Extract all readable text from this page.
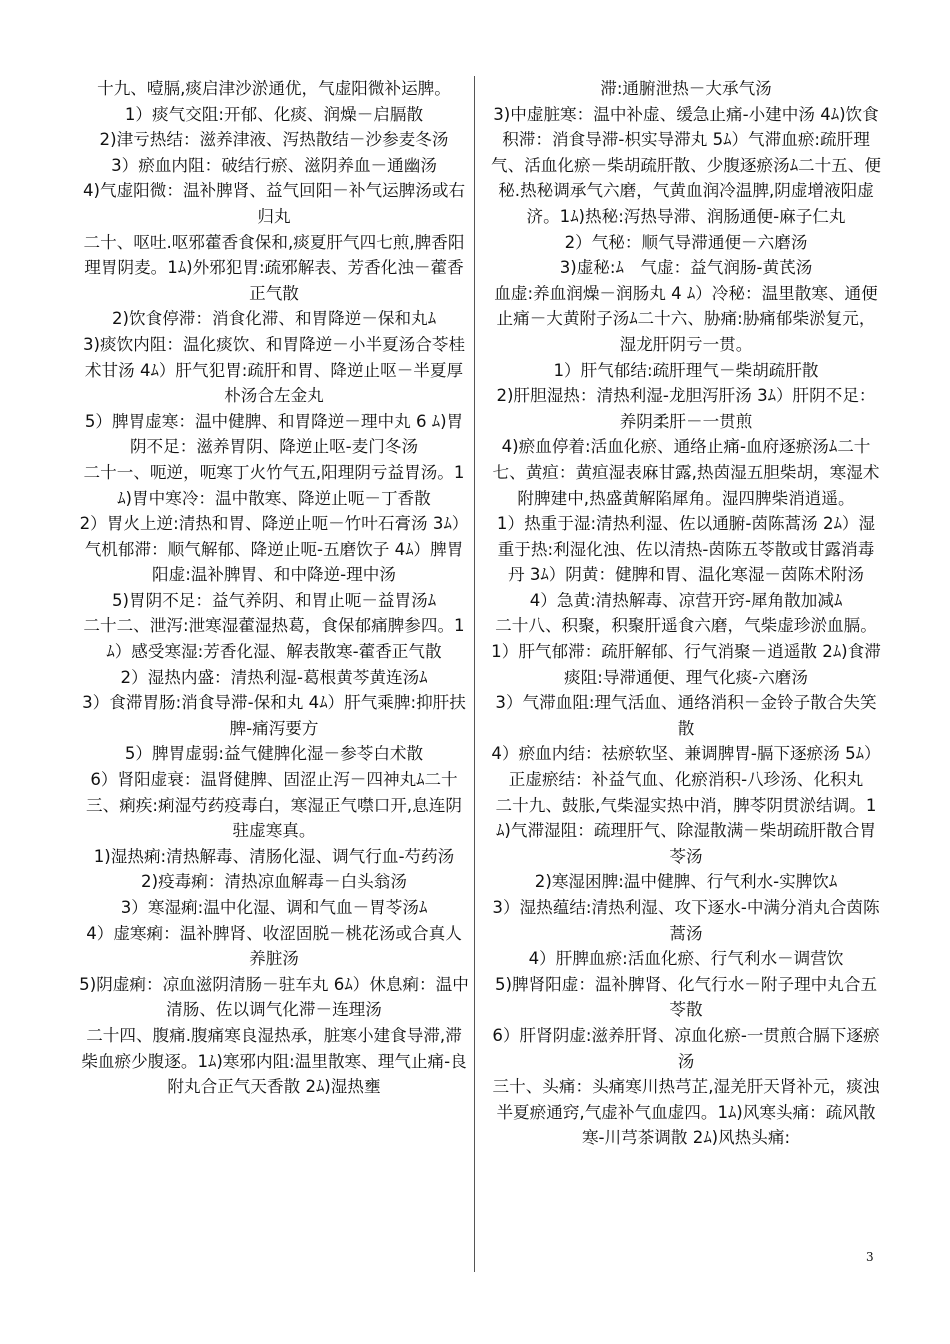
十九、噎膈,痰启津沙淤通优，气虚阳微补运脾。

1）痰气交阻:开郁、化痰、润燥－启膈散

2)津亏热结：滋养津液、泻热散结－沙参麦冬汤

3）瘀血内阻：破结行瘀、滋阴养血－通幽汤

4)气虚阳微：温补脾肾、益气回阳－补气运脾汤或右归丸

二十、呕吐.呕邪藿香食保和,痰夏肝气四七煎,脾香阳理胃阴麦。1ﾑ)外邪犯胃:疏邪解表、芳香化浊－藿香正气散

2)饮食停滞：消食化滞、和胃降逆－保和丸ﾑ

3)痰饮内阻：温化痰饮、和胃降逆－小半夏汤合苓桂术甘汤 4ﾑ）肝气犯胃:疏肝和胃、降逆止呕－半夏厚朴汤合左金丸

5）脾胃虚寒：温中健脾、和胃降逆－理中丸 6 ﾑ)胃阴不足：滋养胃阴、降逆止呕-麦门冬汤

二十一、呃逆，呃寒丁火竹气五,阳理阴亏益胃汤。1ﾑ)胃中寒冷：温中散寒、降逆止呃－丁香散

2）胃火上逆:清热和胃、降逆止呃－竹叶石膏汤 3ﾑ）气机郁滞：顺气解郁、降逆止呃-五磨饮子 4ﾑ）脾胃阳虚:温补脾胃、和中降逆-理中汤

5)胃阴不足：益气养阴、和胃止呃－益胃汤ﾑ

二十二、泄泻:泄寒湿藿湿热葛，食保郁痛脾参四。1ﾑ）感受寒湿:芳香化湿、解表散寒-藿香正气散

2）湿热内盛：清热利湿-葛根黄芩黄连汤ﾑ

3）食滞胃肠:消食导滞-保和丸 4ﾑ）肝气乘脾:抑肝扶脾-痛泻要方

5）脾胃虚弱:益气健脾化湿－参苓白术散

6）肾阳虚衰：温肾健脾、固涩止泻－四神丸ﾑ二十三、痢疾:痢湿芍药疫毒白，寒湿正气噤口开,息连阴驻虚寒真。

1)湿热痢:清热解毒、清肠化湿、调气行血-芍药汤

2)疫毒痢：清热凉血解毒－白头翁汤

3）寒湿痢:温中化湿、调和气血－胃苓汤ﾑ

4）虚寒痢：温补脾肾、收涩固脱－桃花汤或合真人养脏汤

5)阴虚痢：凉血滋阴清肠－驻车丸 6ﾑ）休息痢：温中清肠、佐以调气化滞－连理汤

二十四、腹痛.腹痛寒良湿热承，脏寒小建食导滞,滞柴血瘀少腹逐。1ﾑ)寒邪内阻:温里散寒、理气止痛-良附丸合正气天香散 2ﾑ)湿热壅

滞:通腑泄热－大承气汤

3)中虚脏寒：温中补虚、缓急止痛-小建中汤 4ﾑ)饮食积滞：消食导滞-枳实导滞丸 5ﾑ）气滞血瘀:疏肝理气、活血化瘀－柴胡疏肝散、少腹逐瘀汤ﾑ二十五、便秘.热秘调承气六磨，气黄血润冷温脾,阴虚增液阳虚济。1ﾑ)热秘:泻热导滞、润肠通便-麻子仁丸

2）气秘：顺气导滞通便－六磨汤

3)虚秘:ﾑ　气虚：益气润肠-黄芪汤

血虚:养血润燥－润肠丸 4 ﾑ）冷秘：温里散寒、通便止痛－大黄附子汤ﾑ二十六、胁痛:胁痛郁柴淤复元，湿龙肝阴亏一贯。

1）肝气郁结:疏肝理气－柴胡疏肝散

2)肝胆湿热：清热利湿-龙胆泻肝汤 3ﾑ）肝阴不足：养阴柔肝－一贯煎

4)瘀血停着:活血化瘀、通络止痛-血府逐瘀汤ﾑ二十七、黄疸：黄疸湿表麻甘露,热茵湿五胆柴胡，寒湿术附脾建中,热盛黄解陷犀角。湿四脾柴消逍遥。

1）热重于湿:清热利湿、佐以通腑-茵陈蒿汤 2ﾑ）湿重于热:利湿化浊、佐以清热-茵陈五苓散或甘露消毒丹 3ﾑ）阴黄：健脾和胃、温化寒湿－茵陈术附汤

4）急黄:清热解毒、凉营开窍-犀角散加减ﾑ

二十八、积聚，积聚肝遥食六磨，气柴虚珍淤血膈。

1）肝气郁滞：疏肝解郁、行气消聚－逍遥散 2ﾑ)食滞痰阻:导滞通便、理气化痰-六磨汤

3）气滞血阻:理气活血、通络消积－金铃子散合失笑散

4）瘀血内结：祛瘀软坚、兼调脾胃-膈下逐瘀汤 5ﾑ）正虚瘀结：补益气血、化瘀消积-八珍汤、化积丸

二十九、鼓胀,气柴湿实热中消，脾苓阴贯淤结调。1ﾑ)气滞湿阻：疏理肝气、除湿散满－柴胡疏肝散合胃苓汤

2)寒湿困脾:温中健脾、行气利水-实脾饮ﾑ

3）湿热蕴结:清热利湿、攻下逐水-中满分消丸合茵陈蒿汤

4）肝脾血瘀:活血化瘀、行气利水－调营饮

5)脾肾阳虚：温补脾肾、化气行水－附子理中丸合五苓散

6）肝肾阴虚:滋养肝肾、凉血化瘀-一贯煎合膈下逐瘀汤

三十、头痛：头痛寒川热芎芷,湿羌肝天肾补元，痰浊半夏瘀通窍,气虚补气血虚四。1ﾑ)风寒头痛：疏风散寒-川芎茶调散 2ﾑ)风热头痛:

3
